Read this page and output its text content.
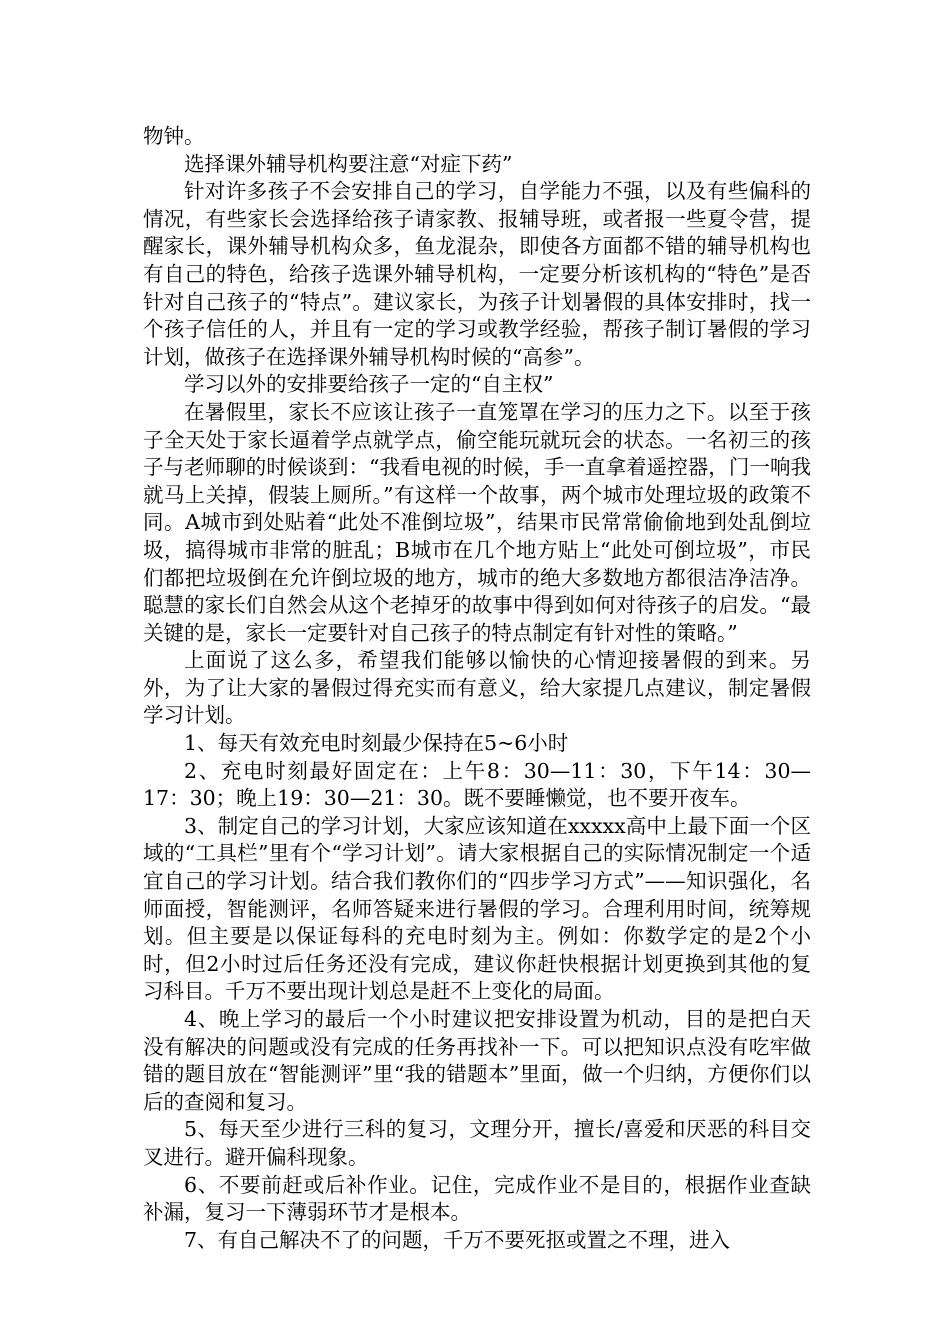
物钟。

选择课外辅导机构要注意“对症下药”

针对许多孩子不会安排自己的学习，自学能力不强，以及有些偏科的情况，有些家长会选择给孩子请家教、报辅导班，或者报一些夏令营，提醒家长，课外辅导机构众多，鱼龙混杂，即使各方面都不错的辅导机构也有自己的特色，给孩子选课外辅导机构，一定要分析该机构的“特色”是否针对自己孩子的“特点”。建议家长，为孩子计划暑假的具体安排时，找一个孩子信任的人，并且有一定的学习或教学经验，帮孩子制订暑假的学习计划，做孩子在选择课外辅导机构时候的“高参”。

学习以外的安排要给孩子一定的“自主权”

在暑假里，家长不应该让孩子一直笼罩在学习的压力之下。以至于孩子全天处于家长逼着学点就学点，偷空能玩就玩会的状态。一名初三的孩子与老师聊的时候谈到：“我看电视的时候，手一直拿着遥控器，门一响我就马上关掉，假装上厕所。”有这样一个故事，两个城市处理垃圾的政策不同。A城市到处贴着“此处不准倒垃圾”，结果市民常常偷偷地到处乱倒垃圾，搞得城市非常的脏乱；B城市在几个地方贴上“此处可倒垃圾”，市民们都把垃圾倒在允许倒垃圾的地方，城市的绝大多数地方都很洁净洁净。聪慧的家长们自然会从这个老掉牙的故事中得到如何对待孩子的启发。“最关键的是，家长一定要针对自己孩子的特点制定有针对性的策略。”

上面说了这么多，希望我们能够以愉快的心情迎接暑假的到来。另外，为了让大家的暑假过得充实而有意义，给大家提几点建议，制定暑假学习计划。

1、每天有效充电时刻最少保持在5~6小时

2、充电时刻最好固定在：上午8：30—11：30，下午14：30—17：30；晚上19：30—21：30。既不要睡懒觉，也不要开夜车。

3、制定自己的学习计划，大家应该知道在xxxxx高中上最下面一个区域的“工具栏”里有个“学习计划”。请大家根据自己的实际情况制定一个适宜自己的学习计划。结合我们教你们的“四步学习方式”——知识强化，名师面授，智能测评，名师答疑来进行暑假的学习。合理利用时间，统筹规划。但主要是以保证每科的充电时刻为主。例如：你数学定的是2个小时，但2小时过后任务还没有完成，建议你赶快根据计划更换到其他的复习科目。千万不要出现计划总是赶不上变化的局面。

4、晚上学习的最后一个小时建议把安排设置为机动，目的是把白天没有解决的问题或没有完成的任务再找补一下。可以把知识点没有吃牢做错的题目放在“智能测评”里“我的错题本”里面，做一个归纳，方便你们以后的查阅和复习。

5、每天至少进行三科的复习，文理分开，擅长/喜爱和厌恶的科目交叉进行。避开偏科现象。

6、不要前赶或后补作业。记住，完成作业不是目的，根据作业查缺补漏，复习一下薄弱环节才是根本。

7、有自己解决不了的问题，千万不要死抠或置之不理，进入
